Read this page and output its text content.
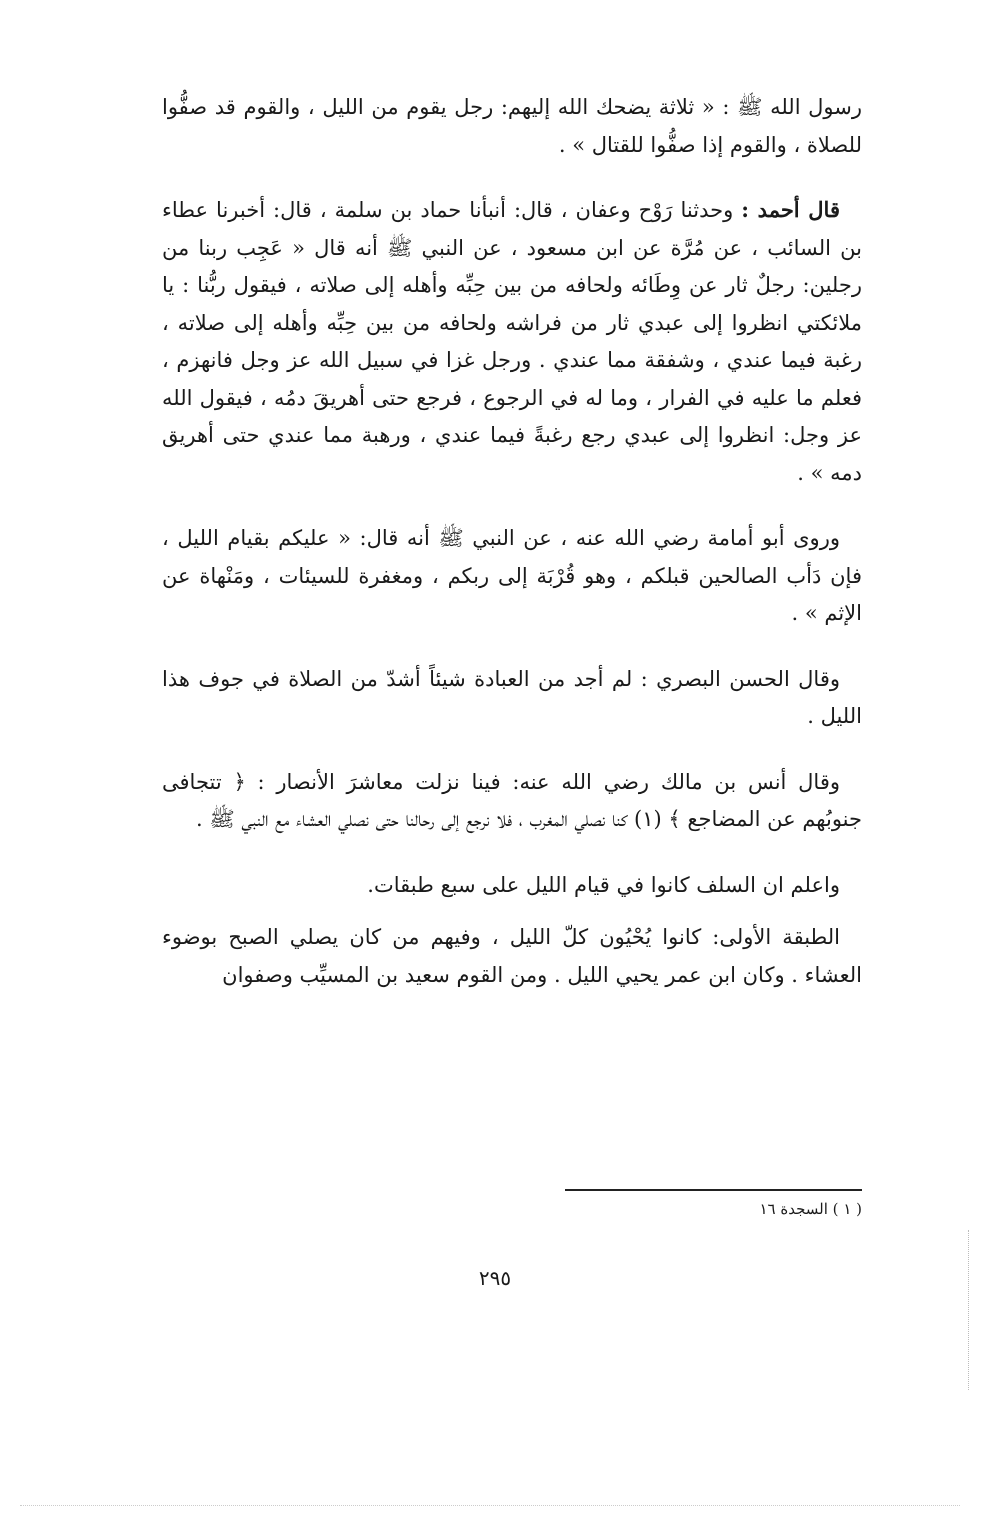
رسول الله ﷺ : « ثلاثة يضحك الله إليهم: رجل يقوم من الليل ، والقوم قد صفُّوا للصلاة ، والقوم إذا صفُّوا للقتال » .

قال أحمد : وحدثنا رَوْح وعفان ، قال: أنبأنا حماد بن سلمة ، قال: أخبرنا عطاء بن السائب ، عن مُرَّة عن ابن مسعود ، عن النبي ﷺ أنه قال « عَجِب ربنا من رجلين: رجلٌ ثار عن وِطَائه ولحافه من بين حِبِّه وأهله إلى صلاته ، فيقول ربُّنا : يا ملائكتي انظروا إلى عبدي ثار من فراشه ولحافه من بين حِبِّه وأهله إلى صلاته ، رغبة فيما عندي ، وشفقة مما عندي . ورجل غزا في سبيل الله عز وجل فانهزم ، فعلم ما عليه في الفرار ، وما له في الرجوع ، فرجع حتى أهريقَ دمُه ، فيقول الله عز وجل: انظروا إلى عبدي رجع رغبةً فيما عندي ، ورهبة مما عندي حتى أهريق دمه » .

وروى أبو أمامة رضي الله عنه ، عن النبي ﷺ أنه قال: « عليكم بقيام الليل ، فإن دَأب الصالحين قبلكم ، وهو قُرْبَة إلى ربكم ، ومغفرة للسيئات ، ومَنْهاة عن الإثم » .

وقال الحسن البصري : لم أجد من العبادة شيئاً أشدّ من الصلاة في جوف هذا الليل .

وقال أنس بن مالك رضي الله عنه: فينا نزلت معاشرَ الأنصار : ﴿ تتجافى جنوبُهم عن المضاجع ﴾ (١) كنا نصلي المغرب ، فلا نرجع إلى رحالنا حتى نصلي العشاء مع النبي ﷺ .

واعلم ان السلف كانوا في قيام الليل على سبع طبقات.

الطبقة الأولى: كانوا يُحْيُون كلّ الليل ، وفيهم من كان يصلي الصبح بوضوء العشاء . وكان ابن عمر يحيي الليل . ومن القوم سعيد بن المسيِّب وصفوان

( ١ ) السجدة ١٦
٢٩٥
